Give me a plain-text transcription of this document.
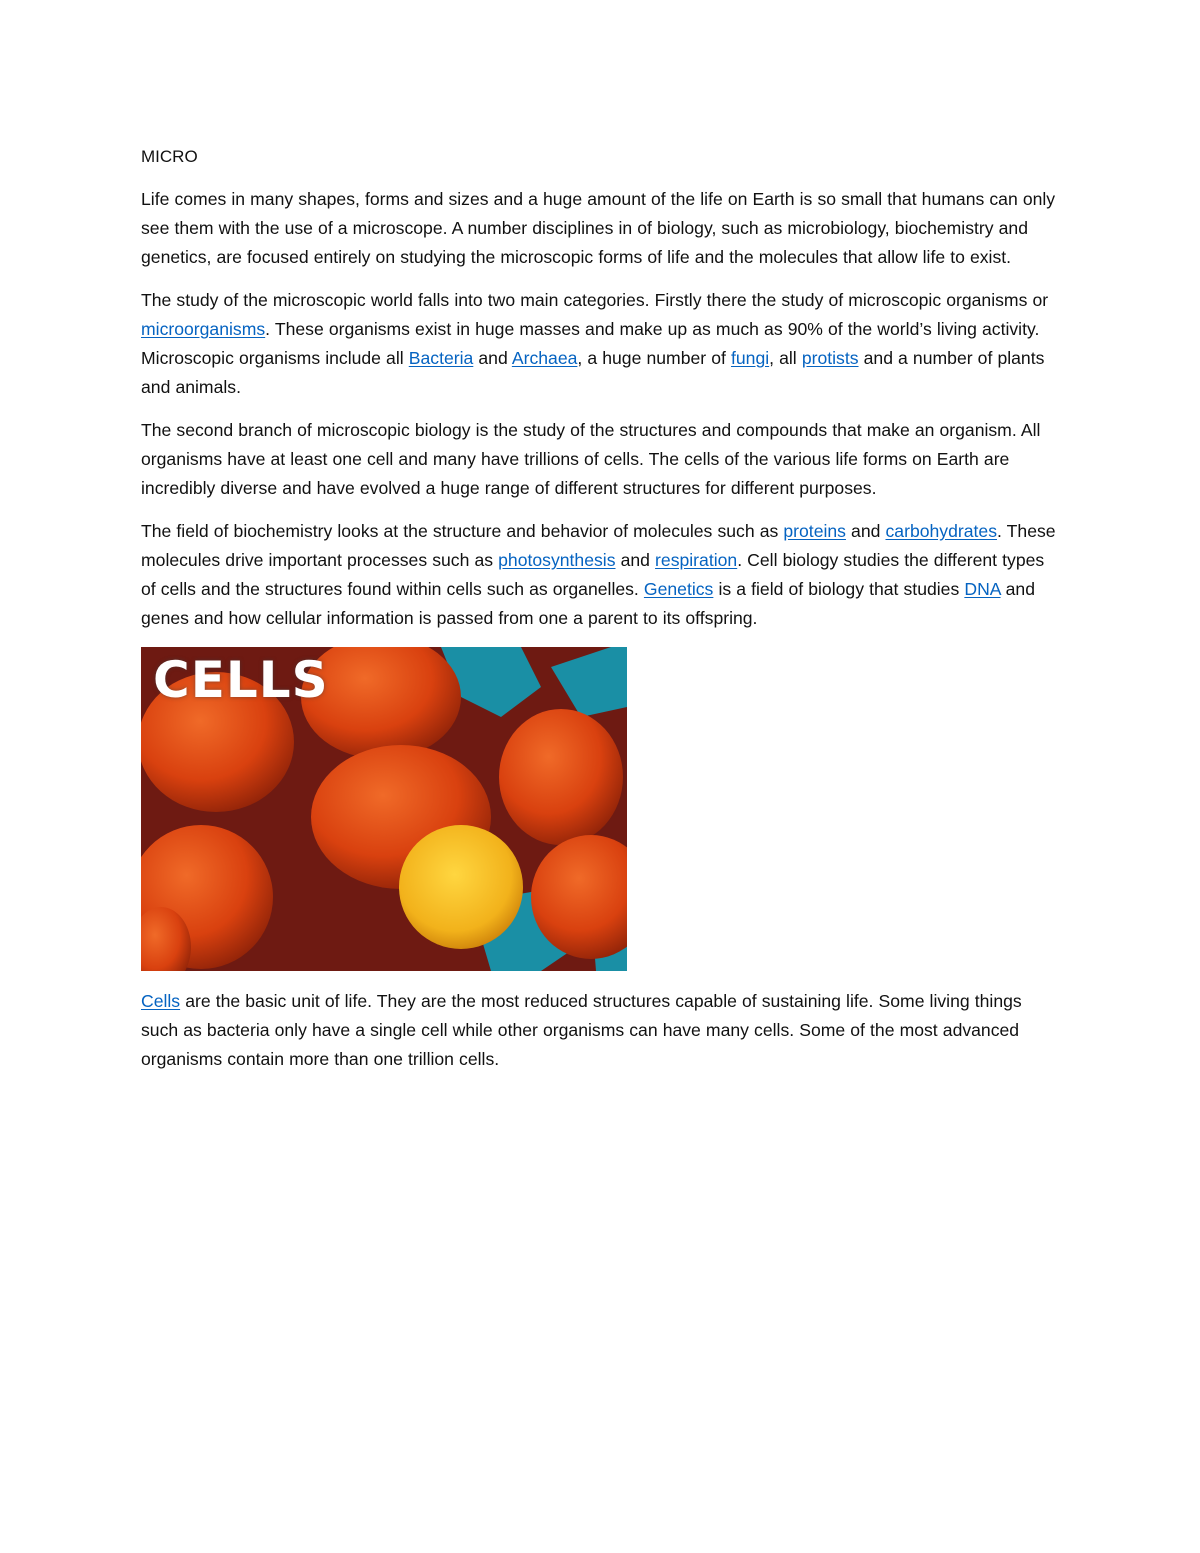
MICRO

Life comes in many shapes, forms and sizes and a huge amount of the life on Earth is so small that humans can only see them with the use of a microscope. A number disciplines in of biology, such as microbiology, biochemistry and genetics, are focused entirely on studying the microscopic forms of life and the molecules that allow life to exist.

The study of the microscopic world falls into two main categories. Firstly there the study of microscopic organisms or microorganisms. These organisms exist in huge masses and make up as much as 90% of the world’s living activity. Microscopic organisms include all Bacteria and Archaea, a huge number of fungi, all protists and a number of plants and animals.

The second branch of microscopic biology is the study of the structures and compounds that make an organism. All organisms have at least one cell and many have trillions of cells. The cells of the various life forms on Earth are incredibly diverse and have evolved a huge range of different structures for different purposes.

The field of biochemistry looks at the structure and behavior of molecules such as proteins and carbohydrates. These molecules drive important processes such as photosynthesis and respiration. Cell biology studies the different types of cells and the structures found within cells such as organelles. Genetics is a field of biology that studies DNA and genes and how cellular information is passed from one a parent to its offspring.

CELLS

Cells are the basic unit of life. They are the most reduced structures capable of sustaining life. Some living things such as bacteria only have a single cell while other organisms can have many cells. Some of the most advanced organisms contain more than one trillion cells.
